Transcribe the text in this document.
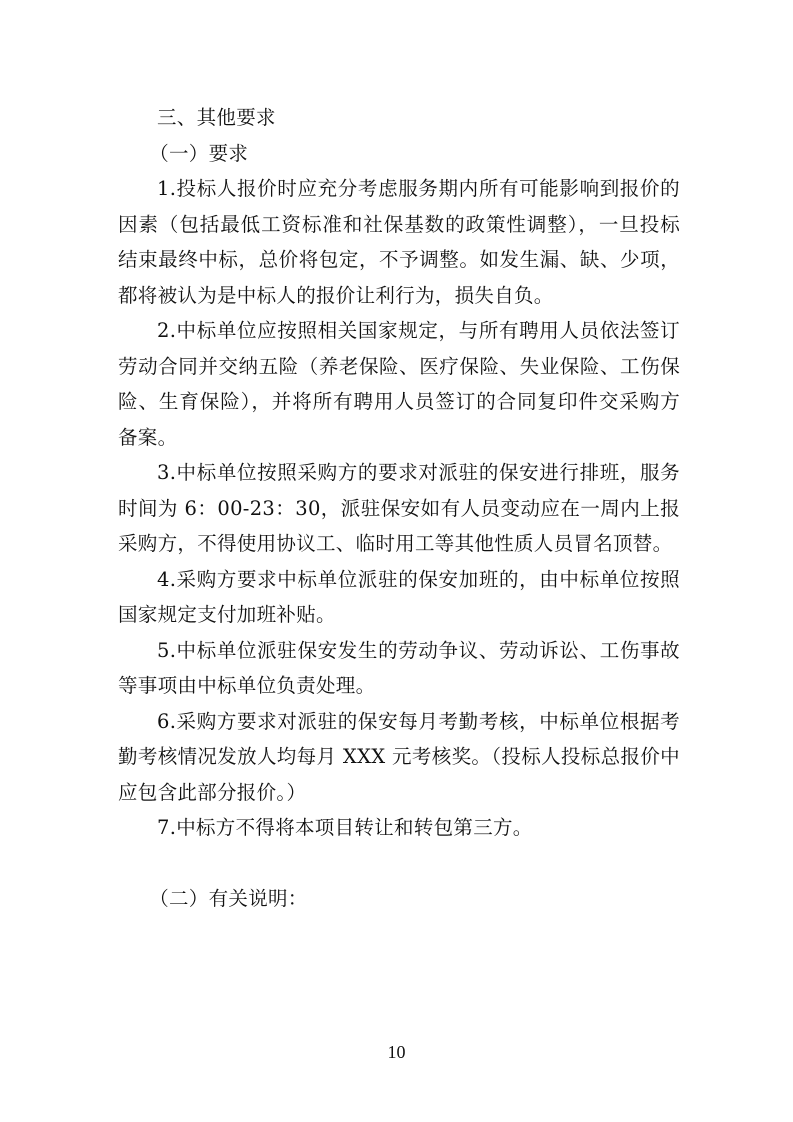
三、其他要求
（一）要求

1.投标人报价时应充分考虑服务期内所有可能影响到报价的因素（包括最低工资标准和社保基数的政策性调整），一旦投标结束最终中标，总价将包定，不予调整。如发生漏、缺、少项，都将被认为是中标人的报价让利行为，损失自负。

2.中标单位应按照相关国家规定，与所有聘用人员依法签订劳动合同并交纳五险（养老保险、医疗保险、失业保险、工伤保险、生育保险），并将所有聘用人员签订的合同复印件交采购方备案。

3.中标单位按照采购方的要求对派驻的保安进行排班，服务时间为 6：00-23：30，派驻保安如有人员变动应在一周内上报采购方，不得使用协议工、临时用工等其他性质人员冒名顶替。

4.采购方要求中标单位派驻的保安加班的，由中标单位按照国家规定支付加班补贴。

5.中标单位派驻保安发生的劳动争议、劳动诉讼、工伤事故等事项由中标单位负责处理。

6.采购方要求对派驻的保安每月考勤考核，中标单位根据考勤考核情况发放人均每月 XXX 元考核奖。（投标人投标总报价中应包含此部分报价。）

7.中标方不得将本项目转让和转包第三方。

（二）有关说明：
10
